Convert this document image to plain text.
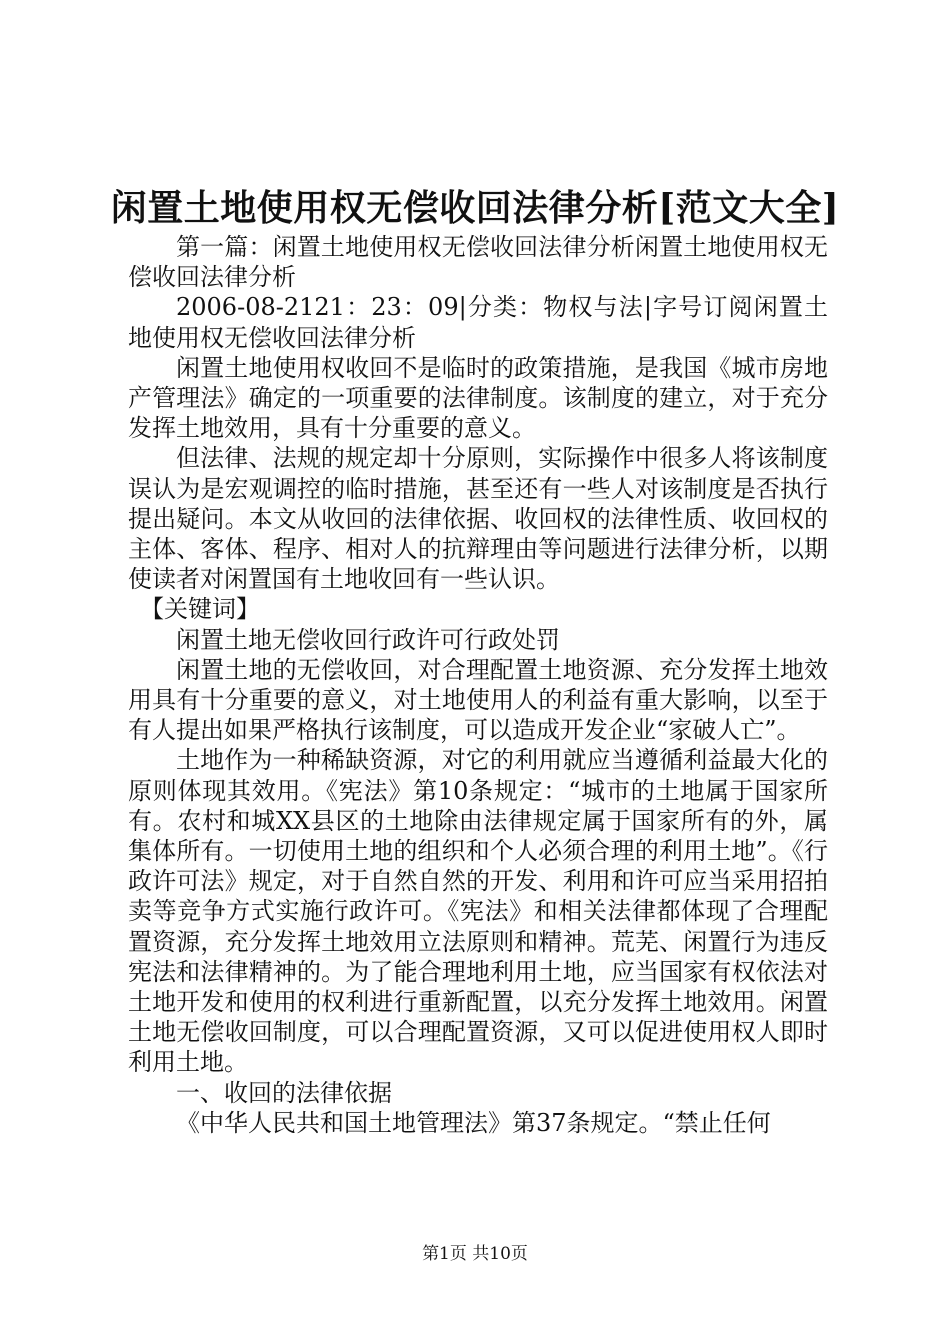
闲置土地使用权无偿收回法律分析[范文大全]

第一篇：闲置土地使用权无偿收回法律分析闲置土地使用权无偿收回法律分析

2006-08-2121：23：09|分类：物权与法|字号订阅闲置土地使用权无偿收回法律分析

闲置土地使用权收回不是临时的政策措施，是我国《城市房地产管理法》确定的一项重要的法律制度。该制度的建立，对于充分发挥土地效用，具有十分重要的意义。

但法律、法规的规定却十分原则，实际操作中很多人将该制度误认为是宏观调控的临时措施，甚至还有一些人对该制度是否执行提出疑问。本文从收回的法律依据、收回权的法律性质、收回权的主体、客体、程序、相对人的抗辩理由等问题进行法律分析，以期使读者对闲置国有土地收回有一些认识。

【关键词】

闲置土地无偿收回行政许可行政处罚

闲置土地的无偿收回，对合理配置土地资源、充分发挥土地效用具有十分重要的意义，对土地使用人的利益有重大影响，以至于有人提出如果严格执行该制度，可以造成开发企业“家破人亡”。

土地作为一种稀缺资源，对它的利用就应当遵循利益最大化的原则体现其效用。《宪法》第10条规定：“城市的土地属于国家所有。农村和城XX县区的土地除由法律规定属于国家所有的外，属集体所有。一切使用土地的组织和个人必须合理的利用土地”。《行政许可法》规定，对于自然自然的开发、利用和许可应当采用招拍卖等竞争方式实施行政许可。《宪法》和相关法律都体现了合理配置资源，充分发挥土地效用立法原则和精神。荒芜、闲置行为违反宪法和法律精神的。为了能合理地利用土地，应当国家有权依法对土地开发和使用的权利进行重新配置，以充分发挥土地效用。闲置土地无偿收回制度，可以合理配置资源，又可以促进使用权人即时利用土地。

一、收回的法律依据

《中华人民共和国土地管理法》第37条规定。“禁止任何

第1页 共10页
